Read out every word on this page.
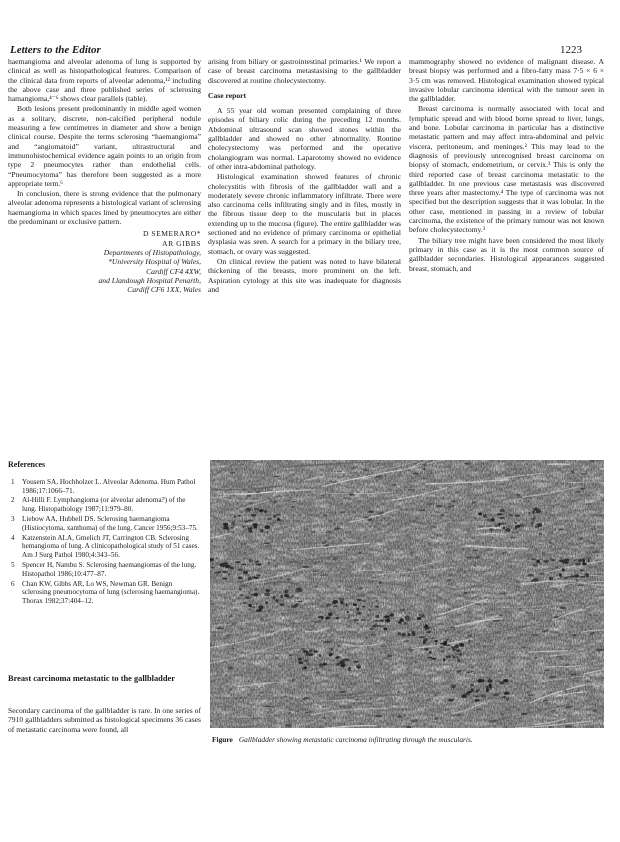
Letters to the Editor	1223

haemangioma and alveolar adenoma of lung is supported by clinical as well as histopathological features. Comparison of the clinical data from reports of alveolar adenoma,¹² including the above case and three published series of sclerosing hamangioma,⁴⁻⁶ shows clear parallels (table).

Both lesions present predominantly in middle aged women as a solitary, discrete, non-calcified peripheral nodule measuring a few centimetres in diameter and show a benign clinical course. Despite the terms sclerosing “haemangioma” and “angiomatoid” variant, ultrastructural and immunohistochemical evidence again points to an origin from type 2 pneumocytes rather than endothelial cells. “Pneumocytoma” has therefore been suggested as a more appropriate term.⁶

In conclusion, there is strong evidence that the pulmonary alveolar adenoma represents a histological variant of sclerosing haemangioma in which spaces lined by pneumocytes are either the predominant or exclusive pattern.

D SEMERARO*
AR GIBBS
Departments of Histopathology,
*University Hospital of Wales,
Cardiff CF4 4XW,
and Llandough Hospital Penarth,
Cardiff CF6 1XX, Wales

arising from biliary or gastrointestinal primaries.¹ We report a case of breast carcinoma metastasising to the gallbladder discovered at routine cholecystectomy.

Case report

A 55 year old woman presented complaining of three episodes of biliary colic during the preceding 12 months. Abdominal ultrasound scan showed stones within the gallbladder and showed no other abnormality. Routine cholecystectomy was performed and the operative cholangiogram was normal. Laparotomy showed no evidence of other intra-abdominal pathology.

Histological examination showed features of chronic cholecystitis with fibrosis of the gallbladder wall and a moderately severe chronic inflammatory infiltrate. There were also carcinoma cells infiltrating singly and in files, mostly in the fibrous tissue deep to the muscularis but in places extending up to the mucosa (figure). The entire gallbladder was sectioned and no evidence of primary carcinoma or epithelial dysplasia was seen. A search for a primary in the biliary tree, stomach, or ovary was suggested.

On clinical review the patient was noted to have bilateral thickening of the breasts, more prominent on the left. Aspiration cytology at this site was inadequate for diagnosis and

mammography showed no evidence of malignant disease. A breast biopsy was performed and a fibro-fatty mass 7·5 × 6 × 3·5 cm was removed. Histological examination showed typical invasive lobular carcinoma identical with the tumour seen in the gallbladder.

Breast carcinoma is normally associated with local and lymphatic spread and with blood borne spread to liver, lungs, and bone. Lobular carcinoma in particular has a distinctive metastatic pattern and may affect intra-abdominal and pelvic viscera, peritoneum, and meninges.² This may lead to the diagnosis of previously unrecognised breast carcinoma on biopsy of stomach, endometrium, or cervix.³ This is only the third reported case of breast carcinoma metastatic to the gallbladder. In one previous case metastasis was discovered three years after mastectomy.⁴ The type of carcinoma was not specified but the description suggests that it was lobular. In the other case, mentioned in passing in a review of lobular carcinoma, the existence of the primary tumour was not known before cholecystectomy.³

The biliary tree might have been considered the most likely primary in this case as it is the most common source of gallbladder secondaries. Histological appearances suggested breast, stomach, and

References
1 Yousem SA, Hochholzer L. Alveolar Adenoma. Hum Pathol 1986;17:1066–71.
2 Al-Hilli F. Lymphangioma (or alveolar adenoma?) of the lung. Histopathology 1987;11:979–80.
3 Liebow AA, Hubbell DS. Sclerosing haemangioma (Histiocytoma, xanthoma) of the lung. Cancer 1956;9:53–75.
4 Katzenstein ALA, Gmelich JT, Carrington CB. Sclerosing hemangioma of lung. A clinicopathological study of 51 cases. Am J Surg Pathol 1980;4:343–56.
5 Spencer H, Nambu S. Sclerosing haemangiomas of the lung. Histopathol 1986;10:477–87.
6 Chan KW, Gibbs AR, Lo WS, Newman GR. Benign sclerosing pneumocytoma of lung (sclerosing haemangioma). Thorax 1982;37:404–12.
Breast carcinoma metastatic to the gallbladder
Secondary carcinoma of the gallbladder is rare. In one series of 7910 gallbladders submitted as histological specimens 36 cases of metastatic carcinoma were found, all
Figure Gallbladder showing metastatic carcinoma infiltrating through the muscularis.
